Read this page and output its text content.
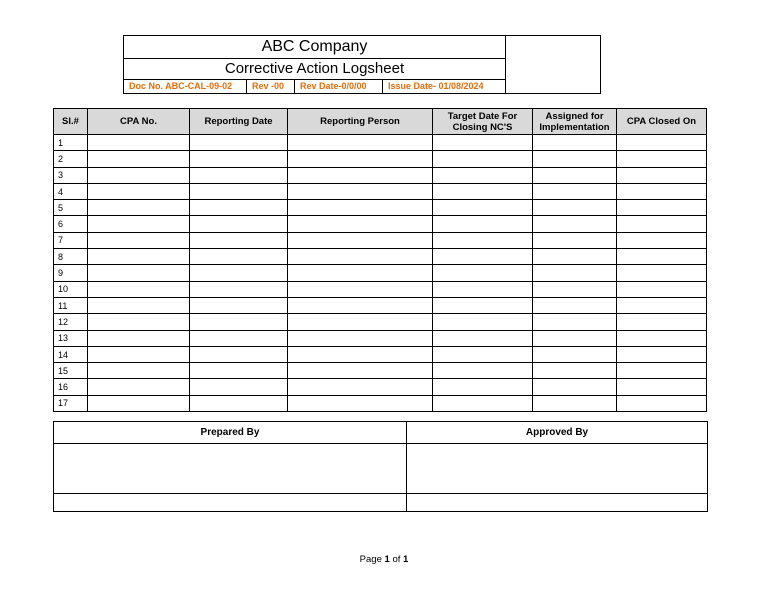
ABC Company
Corrective Action Logsheet
Doc No. ABC-CAL-09-02	Rev -00	Rev Date-0/0/00	Issue Date- 01/08/2024
Sl.#	CPA No.	Reporting Date	Reporting Person	Target Date For Closing NC'S	Assigned for Implementation	CPA Closed On
1						
2						
3						
4						
5						
6						
7						
8						
9						
10						
11						
12						
13						
14						
15						
16						
17						
Prepared By	Approved By

Page 1 of 1
